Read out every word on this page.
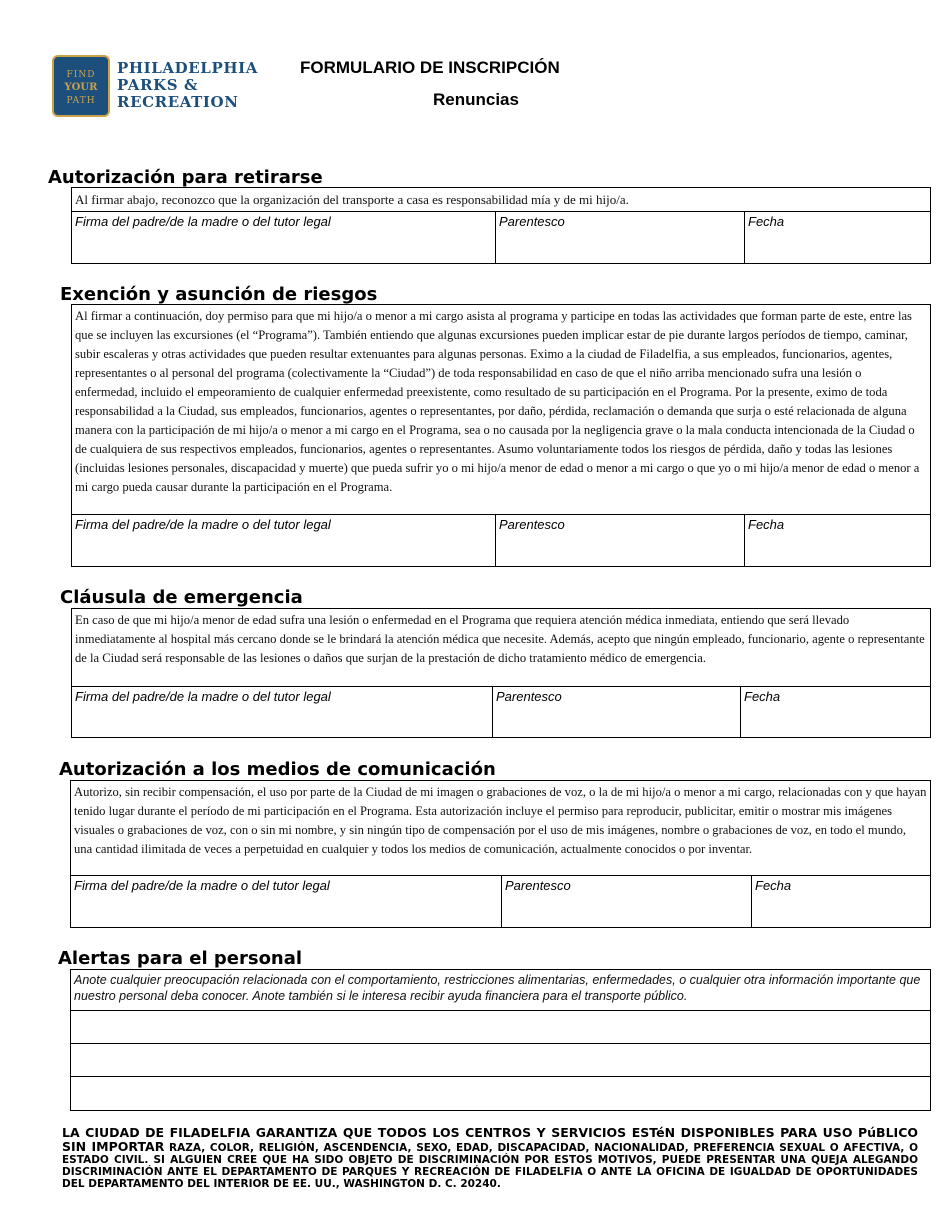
FIND
YOUR
PATH
PHILADELPHIA
PARKS &
RECREATION
FORMULARIO DE INSCRIPCIÓN
Renuncias
Autorización para retirarse
Al firmar abajo, reconozco que la organización del transporte a casa es responsabilidad mía y de mi hijo/a.
Firma del padre/de la madre o del tutor legal	Parentesco	Fecha
Exención y asunción de riesgos
Al firmar a continuación, doy permiso para que mi hijo/a o menor a mi cargo asista al programa y participe en todas las actividades que forman parte de este, entre las que se incluyen las excursiones (el “Programa”). También entiendo que algunas excursiones pueden implicar estar de pie durante largos períodos de tiempo, caminar, subir escaleras y otras actividades que pueden resultar extenuantes para algunas personas. Eximo a la ciudad de Filadelfia, a sus empleados, funcionarios, agentes, representantes o al personal del programa (colectivamente la “Ciudad”) de toda responsabilidad en caso de que el niño arriba mencionado sufra una lesión o enfermedad, incluido el empeoramiento de cualquier enfermedad preexistente, como resultado de su participación en el Programa. Por la presente, eximo de toda responsabilidad a la Ciudad, sus empleados, funcionarios, agentes o representantes, por daño, pérdida, reclamación o demanda que surja o esté relacionada de alguna manera con la participación de mi hijo/a o menor a mi cargo en el Programa, sea o no causada por la negligencia grave o la mala conducta intencionada de la Ciudad o de cualquiera de sus respectivos empleados, funcionarios, agentes o representantes. Asumo voluntariamente todos los riesgos de pérdida, daño y todas las lesiones (incluidas lesiones personales, discapacidad y muerte) que pueda sufrir yo o mi hijo/a menor de edad o menor a mi cargo o que yo o mi hijo/a menor de edad o menor a mi cargo pueda causar durante la participación en el Programa.
Firma del padre/de la madre o del tutor legal	Parentesco	Fecha
Cláusula de emergencia
En caso de que mi hijo/a menor de edad sufra una lesión o enfermedad en el Programa que requiera atención médica inmediata, entiendo que será llevado inmediatamente al hospital más cercano donde se le brindará la atención médica que necesite. Además, acepto que ningún empleado, funcionario, agente o representante de la Ciudad será responsable de las lesiones o daños que surjan de la prestación de dicho tratamiento médico de emergencia.
Firma del padre/de la madre o del tutor legal	Parentesco	Fecha
Autorización a los medios de comunicación
Autorizo, sin recibir compensación, el uso por parte de la Ciudad de mi imagen o grabaciones de voz, o la de mi hijo/a o menor a mi cargo, relacionadas con y que hayan tenido lugar durante el período de mi participación en el Programa. Esta autorización incluye el permiso para reproducir, publicitar, emitir o mostrar mis imágenes visuales o grabaciones de voz, con o sin mi nombre, y sin ningún tipo de compensación por el uso de mis imágenes, nombre o grabaciones de voz, en todo el mundo, una cantidad ilimitada de veces a perpetuidad en cualquier y todos los medios de comunicación, actualmente conocidos o por inventar.
Firma del padre/de la madre o del tutor legal	Parentesco	Fecha
Alertas para el personal
Anote cualquier preocupación relacionada con el comportamiento, restricciones alimentarias, enfermedades, o cualquier otra información importante que nuestro personal deba conocer. Anote también si le interesa recibir ayuda financiera para el transporte público.
LA CIUDAD DE FILADELFIA GARANTIZA QUE TODOS LOS CENTROS Y SERVICIOS ESTéN DISPONIBLES PARA USO PúBLICO SIN IMPORTAR RAZA, COLOR, RELIGIÓN, ASCENDENCIA, SEXO, EDAD, DISCAPACIDAD, NACIONALIDAD, PREFERENCIA SEXUAL O AFECTIVA, O ESTADO CIVIL. SI ALGUIEN CREE QUE HA SIDO OBJETO DE DISCRIMINACIÓN POR ESTOS MOTIVOS, PUEDE PRESENTAR UNA QUEJA ALEGANDO DISCRIMINACIÓN ANTE EL DEPARTAMENTO DE PARQUES Y RECREACIÓN DE FILADELFIA O ANTE LA OFICINA DE IGUALDAD DE OPORTUNIDADES DEL DEPARTAMENTO DEL INTERIOR DE EE. UU., WASHINGTON D. C. 20240.
